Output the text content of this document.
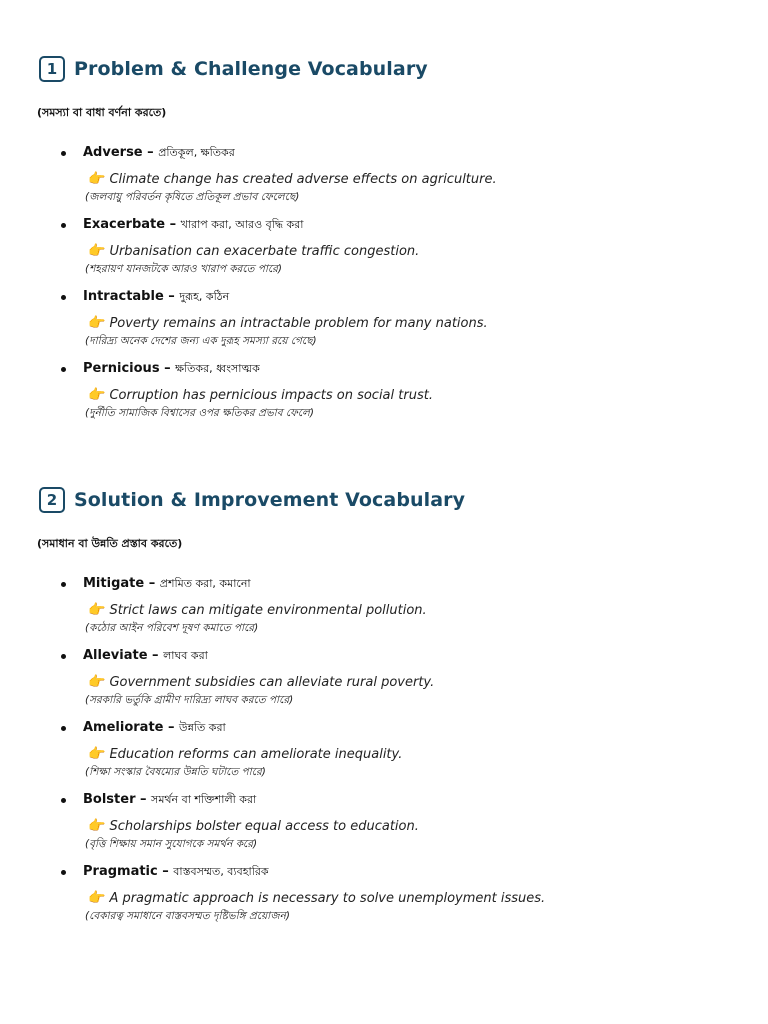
1 Problem & Challenge Vocabulary
(সমস্যা বা বাধা বর্ণনা করতে)
Adverse – প্রতিকূল, ক্ষতিকর
👉 Climate change has created adverse effects on agriculture.
(জলবায়ু পরিবর্তন কৃষিতে প্রতিকূল প্রভাব ফেলেছে)
Exacerbate – খারাপ করা, আরও বৃদ্ধি করা
👉 Urbanisation can exacerbate traffic congestion.
(শহরায়ণ যানজটকে আরও খারাপ করতে পারে)
Intractable – দুরূহ, কঠিন
👉 Poverty remains an intractable problem for many nations.
(দারিদ্র্য অনেক দেশের জন্য এক দুরূহ সমস্যা রয়ে গেছে)
Pernicious – ক্ষতিকর, ধ্বংসাত্মক
👉 Corruption has pernicious impacts on social trust.
(দুর্নীতি সামাজিক বিশ্বাসের ওপর ক্ষতিকর প্রভাব ফেলে)
2 Solution & Improvement Vocabulary
(সমাধান বা উন্নতি প্রস্তাব করতে)
Mitigate – প্রশমিত করা, কমানো
👉 Strict laws can mitigate environmental pollution.
(কঠোর আইন পরিবেশ দূষণ কমাতে পারে)
Alleviate – লাঘব করা
👉 Government subsidies can alleviate rural poverty.
(সরকারি ভর্তুকি গ্রামীণ দারিদ্র্য লাঘব করতে পারে)
Ameliorate – উন্নতি করা
👉 Education reforms can ameliorate inequality.
(শিক্ষা সংস্কার বৈষম্যের উন্নতি ঘটাতে পারে)
Bolster – সমর্থন বা শক্তিশালী করা
👉 Scholarships bolster equal access to education.
(বৃত্তি শিক্ষায় সমান সুযোগকে সমর্থন করে)
Pragmatic – বাস্তবসম্মত, ব্যবহারিক
👉 A pragmatic approach is necessary to solve unemployment issues.
(বেকারত্ব সমাধানে বাস্তবসম্মত দৃষ্টিভঙ্গি প্রয়োজন)
